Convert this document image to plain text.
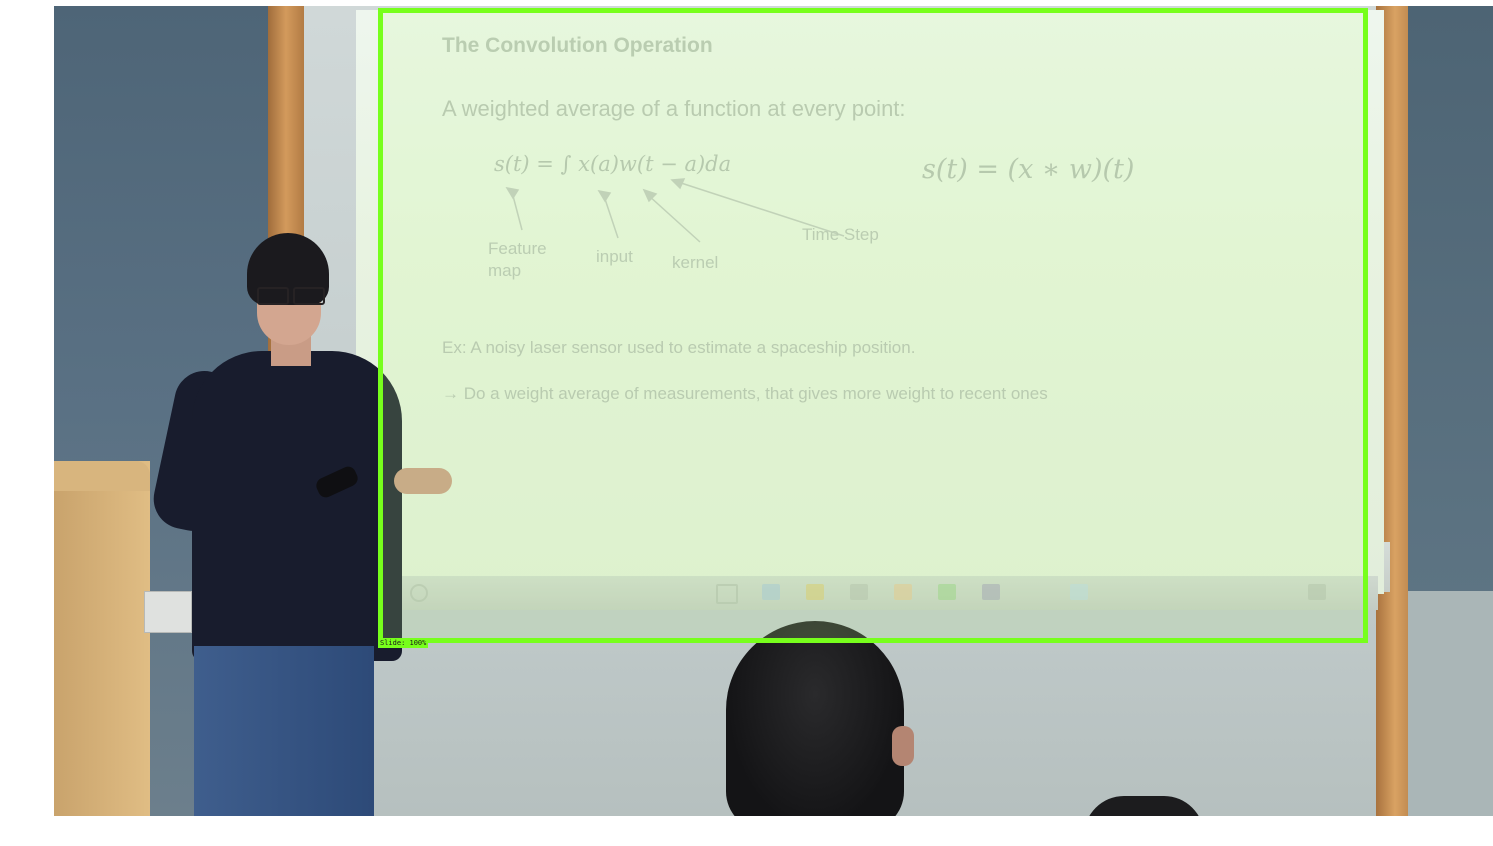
The Convolution Operation
A weighted average of a function at every point:
s(t) = ∫ x(a)w(t − a)da	s(t) = (x ∗ w)(t)
Feature
map
input kernel
Time Step
Ex: A noisy laser sensor used to estimate a spaceship position.
→ Do a weight average of measurements, that gives more weight to recent ones
Slide: 100%
